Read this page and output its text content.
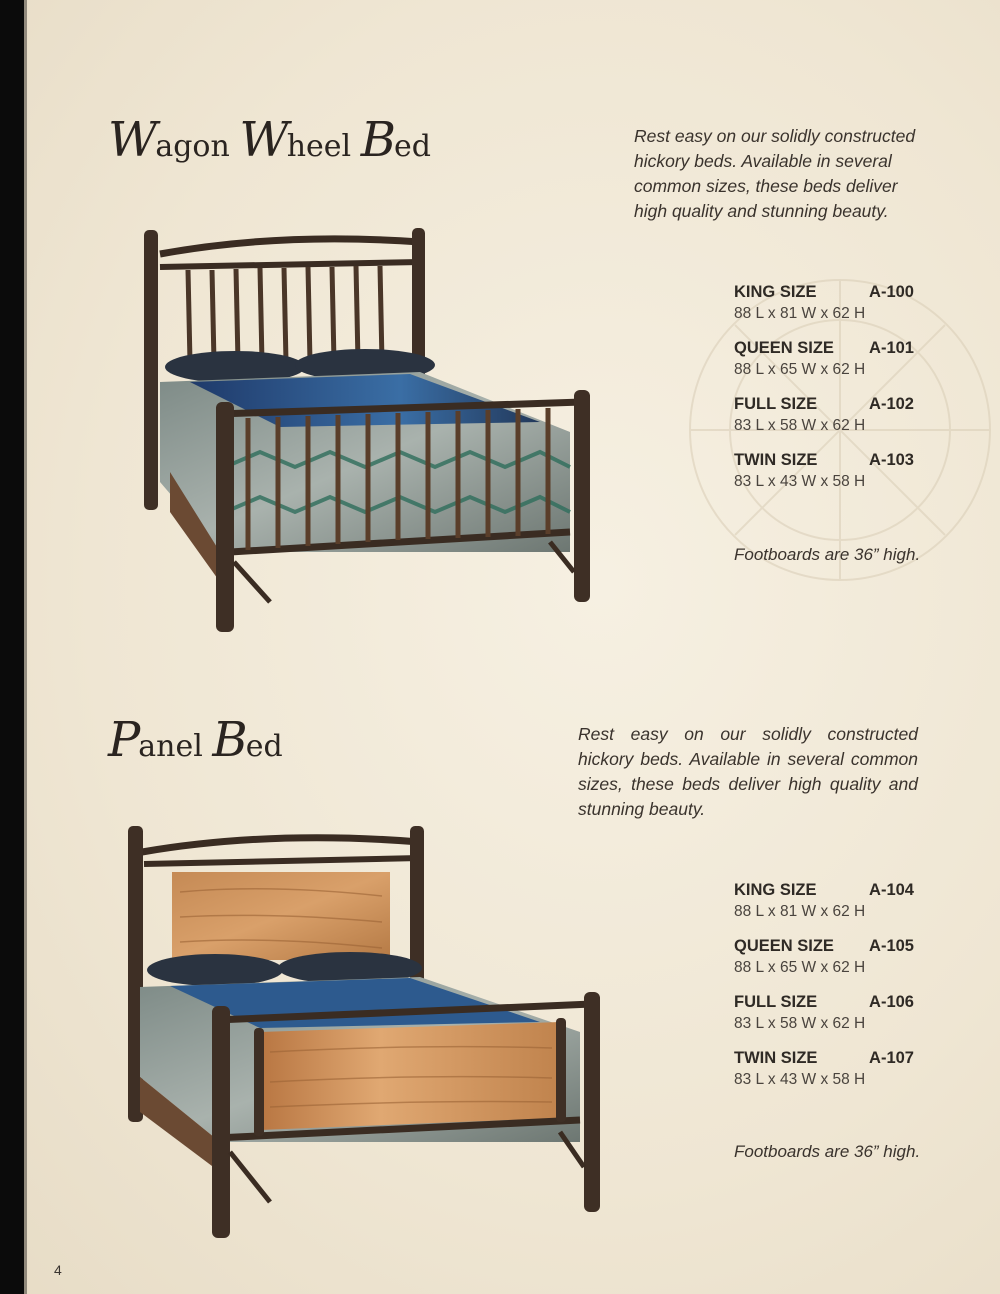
Wagon Wheel Bed	Rest easy on our solidly constructed hickory beds. Available in several common sizes, these beds deliver high quality and stunning beauty.
KING SIZE	A-100
88 L x 81 W x 62 H
QUEEN SIZE A-101
88 L x 65 W x 62 H
FULL SIZE	A-102
83 L x 58 W x 62 H
TWIN SIZE	A-103
83 L x 43 W x 58 H
Footboards are 36” high.
Panel Bed	Rest easy on our solidly constructed hickory beds. Available in several common sizes, these beds deliver high quality and stunning beauty.
KING SIZE	A-104
88 L x 81 W x 62 H
QUEEN SIZE A-105
88 L x 65 W x 62 H
FULL SIZE	A-106
83 L x 58 W x 62 H
TWIN SIZE	A-107
83 L x 43 W x 58 H
Footboards are 36” high.
4
